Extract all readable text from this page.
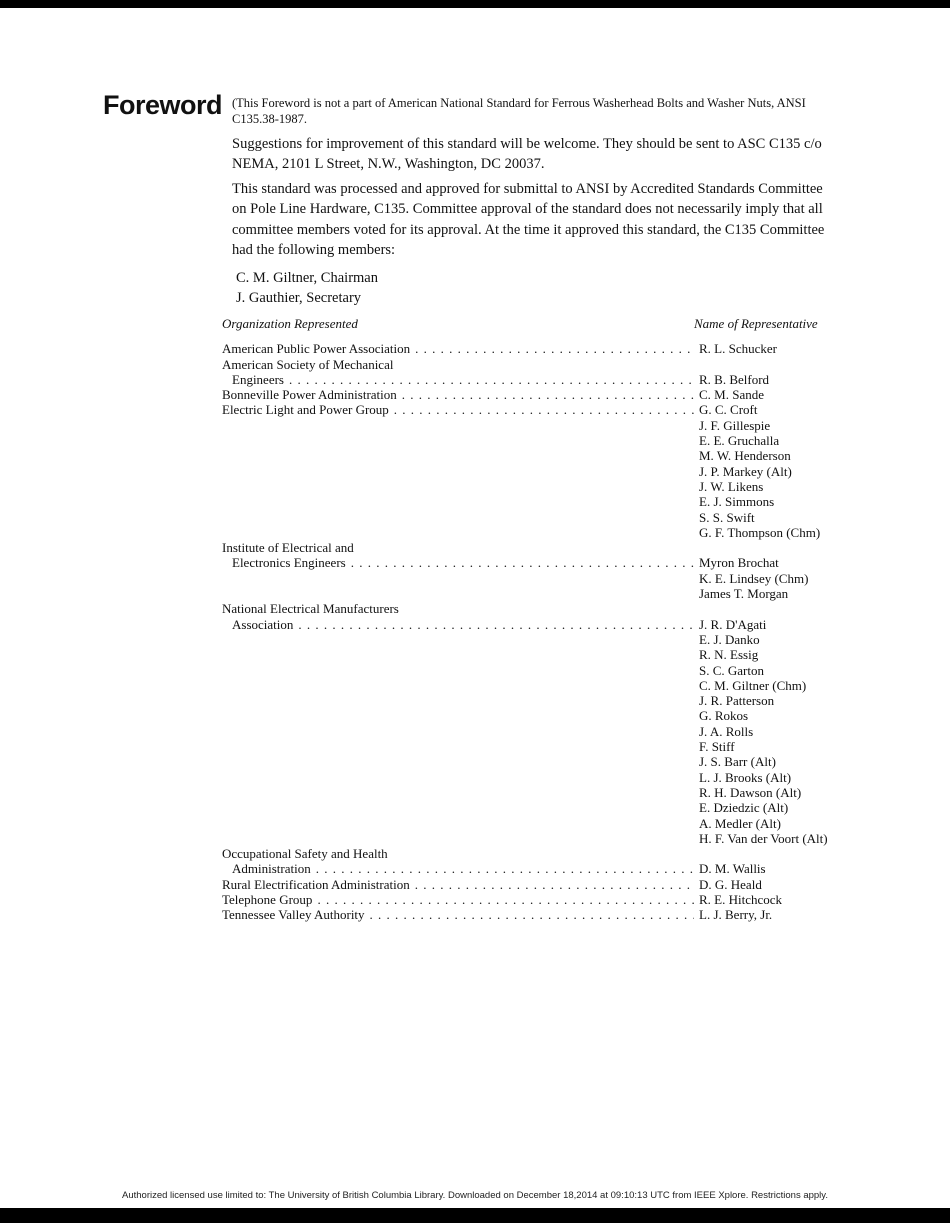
Foreword (This Foreword is not a part of American National Standard for Ferrous Washerhead Bolts and Washer Nuts, ANSI C135.38-1987.
Suggestions for improvement of this standard will be welcome. They should be sent to ASC C135 c/o NEMA, 2101 L Street, N.W., Washington, DC 20037.
This standard was processed and approved for submittal to ANSI by Accredited Standards Committee on Pole Line Hardware, C135. Committee approval of the standard does not necessarily imply that all committee members voted for its approval. At the time it approved this standard, the C135 Committee had the following members:
C. M. Giltner, Chairman
J. Gauthier, Secretary
Organization Represented	Name of Representative
American Public Power Association . . .	R. L. Schucker
American Society of Mechanical
Engineers . . .	R. B. Belford
Bonneville Power Administration . . .	C. M. Sande
Electric Light and Power Group . . .	G. C. Croft
J. F. Gillespie
E. E. Gruchalla
M. W. Henderson
J. P. Markey (Alt)
J. W. Likens
E. J. Simmons
S. S. Swift
G. F. Thompson (Chm)
Institute of Electrical and
Electronics Engineers . . .	Myron Brochat
K. E. Lindsey (Chm)
James T. Morgan
National Electrical Manufacturers
Association . . .	J. R. D'Agati
E. J. Danko
R. N. Essig
S. C. Garton
C. M. Giltner (Chm)
J. R. Patterson
G. Rokos
J. A. Rolls
F. Stiff
J. S. Barr (Alt)
L. J. Brooks (Alt)
R. H. Dawson (Alt)
E. Dziedzic (Alt)
A. Medler (Alt)
H. F. Van der Voort (Alt)
Occupational Safety and Health
Administration . . .	D. M. Wallis
Rural Electrification Administration . . .	D. G. Heald
Telephone Group . . .	R. E. Hitchcock
Tennessee Valley Authority . . .	L. J. Berry, Jr.
Authorized licensed use limited to: The University of British Columbia Library. Downloaded on December 18,2014 at 09:10:13 UTC from IEEE Xplore. Restrictions apply.
